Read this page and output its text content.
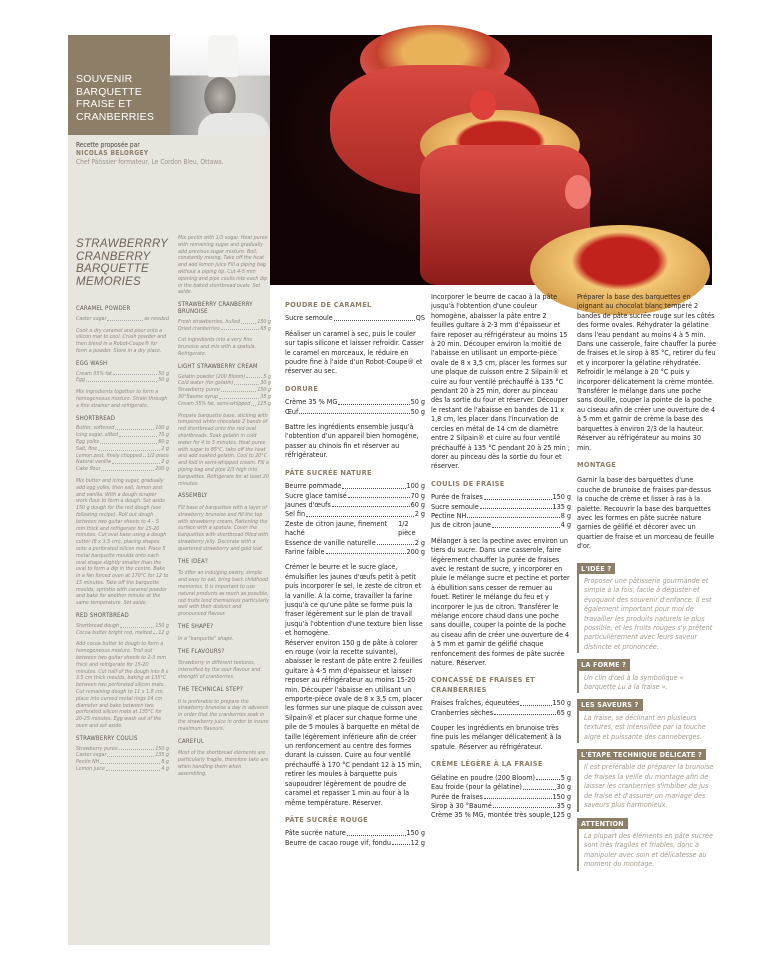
SOUVENIR
BARQUETTE
FRAISE ET
CRANBERRIES
Recette proposée par
NICOLAS BELORGEY
Chef Pâtissier formateur, Le Cordon Bleu, Ottawa.
STRAWBERRRY
CRANBERRY
BARQUETTE
MEMORIES
CARAMEL POWDER
Caster sugar	as needed

Cook a dry caramel and pour onto a silicon mat to cool. Crush powder and then blend in a Robot-Coupe® for form a powder. Store in a dry place.

EGG WASH
Cream 35% fat	50 g
Egg	50 g

Mix ingredients together to form a homogeneous mixture. Strain through a fine strainer and refrigerate.

SHORTBREAD
Butter, softened	100 g
Icing sugar, sifted	70 g
Egg yolks	60 g
Salt, fine	2 g
Lemon zest, finely chopped 1/2 piece
Natural vanilla	2 g
Cake flour	200 g

Mix butter and icing sugar, gradually add egg yolks, then salt, lemon zest and vanilla. With a dough scraper work flour to form a dough. Set aside 150 g dough for the red dough (see following recipe). Roll out dough between two guitar sheets to 4 – 5 mm thick and refrigerate for 15-20 minutes. Cut oval base using a dough cutter (8 x 3.5 cm), placing shapes onto a perforated silicon mat. Place 5 metal barquette moulds onto each oval shape slightly smaller than the oval to form a dip in the centre. Bake in a fan forced oven at 170°C for 12 to 15 minutes. Take off the barquette moulds, sprinkle with caramel powder and bake for another minute at the same temperature. Set aside.

RED SHORTBREAD
Shortbread dough	150 g
Cocoa butter bright red, melted 12 g

Add cocoa butter to dough to form a homogeneous mixture. Troll out between two guitar sheets to 2-3 mm thick and refrigerate for 15-20 minutes. Cut half of the dough into 8 x 3.5 cm thick moulds, baking at 135°C between two perforated silicon mats. Cut remaining dough to 11 x 1.8 cm, place into curved metal rings 14 cm diameter and bake between two perforated silicon mats at 135°C for 20-25 minutes. Egg wash out of the oven and set aside.

STRAWBERRY COULIS
Strawberry puree	150 g
Caster sugar	135 g
Pectin NH	8 g
Lemon juice	4 g

Mix pectin with 1/3 sugar. Heat puree with remaining sugar and gradually add previous sugar mixture. Boil, constantly mixing. Take off the heat and add lemon juice Fill a piping bag without a piping tip. Cut 4-5 mm opening and pipe coulis into each dip in the baked shortbread ovals. Set aside.

STRAWBERRY CRANBERRY BRUNOISE
Fresh strawberries, hulled	150 g
Dried cranberries	65 g

Cut ingredients into a very fine brunoise and mix with a spatula. Refrigerate.

LIGHT STRAWBERRY CREAM
Gelatin powder (200 Bloom)	5 g
Cold water (for gelatin)	30 g
Strawberry puree	150 g
30°Baume syrup	35 g
Cream 35% fat, semi-whipped 125 g

Prepare barquette base, sticking with tempered white chocolate 2 bands of red shortbread onto the red oval shortbreads. Soak gelatin in cold water for 4 to 5 minutes. Heat puree with sugar to 85°C, take off the heat and add soaked gelatin. Cool to 20°C and fold in semi-whipped cream. Fill a piping bag and pipe 2/3 high into barquettes. Refrigerate for at least 20 minutes.

ASSEMBLY

Fill base of barquettes with a layer of strawberry brunoise and fill the top with strawberry cream, flattening the surface with a spatula. Cover the barquettes with shortbread filled with strawberry jelly. Decorate with a quartered strawberry and gold leaf.

THE IDEA?

To offer an indulging pastry, simple and easy to eat, bring back childhood memories. It is important to use natural products as much as possible, red fruits lend themselves particularly well with their distinct and pronounced flavour.

THE SHAPE?

In a "barquette" shape.

THE FLAVOURS?

Strawberry in different textures, intensified by the sour flavour and strength of cranberries.

THE TECHNICAL STEP?

It is preferable to prepare the strawberry brunoise a day in advance in order that the cranberries soak in the strawberry juice in order to insure maximum flavours.

CAREFUL

Most of the shortbread elements are particularly fragile, therefore take are when handling them when assembling.

POUDRE DE CARAMEL
Sucre semoule	QS

Réaliser un caramel à sec, puis le couler sur tapis silicone et laisser refroidir. Casser le caramel en morceaux, le réduire en poudre fine à l'aide d'un Robot-Coupe® et réserver au sec.

DORURE
Crème 35 % MG	50 g
Œuf	50 g

Battre les ingrédients ensemble jusqu'à l'obtention d'un appareil bien homogène, passer au chinois fin et réserver au réfrigérateur.

PÂTE SUCRÉE NATURE
Beurre pommade	100 g
Sucre glace tamisé	70 g
Jaunes d'œufs	60 g
Sel fin	2 g
Zeste de citron jaune, finement haché
1/2 pièce
Essence de vanille naturelle	2 g
Farine faible	200 g

Crémer le beurre et le sucre glace, émulsifier les jaunes d'œufs petit à petit puis incorporer le sel, le zeste de citron et la vanille. À la corne, travailler la farine jusqu'à ce qu'une pâte se forme puis la fraser légèrement sur le plan de travail jusqu'à l'obtention d'une texture bien lisse et homogène.
Réserver environ 150 g de pâte à colorer en rouge (voir la recette suivante), abaisser le restant de pâte entre 2 feuilles guitare à 4-5 mm d'épaisseur et laisser reposer au réfrigérateur au moins 15-20 min. Découper l'abaisse en utilisant un emporte-pièce ovale de 8 x 3,5 cm, placer les formes sur une plaque de cuisson avec Silpain® et placer sur chaque forme une pile de 5 moules à barquette en métal de taille légèrement inférieure afin de créer un renfoncement au centre des formes durant la cuisson. Cuire au four ventilé préchauffé à 170 °C pendant 12 à 15 min, retirer les moules à barquette puis saupoudrer légèrement de poudre de caramel et repasser 1 min au four à la même température. Réserver.

PÂTE SUCRÉE ROUGE
Pâte sucrée nature	150 g
Beurre de cacao rouge vif, fondu	12 g

Incorporer le beurre de cacao à la pâte jusqu'à l'obtention d'une couleur homogène, abaisser la pâte entre 2 feuilles guitare à 2-3 mm d'épaisseur et faire reposer au réfrigérateur au moins 15 à 20 min. Découper environ la moitié de l'abaisse en utilisant un emporte-pièce ovale de 8 x 3,5 cm, placer les formes sur une plaque de cuisson entre 2 Silpain® et cuire au four ventilé préchauffé à 135 °C pendant 20 à 25 min, dorer au pinceau dès la sortie du four et réserver. Découper le restant de l'abaisse en bandes de 11 x 1,8 cm, les placer dans l'incurvation de cercles en métal de 14 cm de diamètre entre 2 Silpain® et cuire au four ventilé préchauffé à 135 °C pendant 20 à 25 min ; dorer au pinceau dès la sortie du four et réserver.

COULIS DE FRAISE
Purée de fraises	150 g
Sucre semoule	135 g
Pectine NH	8 g
Jus de citron jaune	4 g

Mélanger à sec la pectine avec environ un tiers du sucre. Dans une casserole, faire légèrement chauffer la purée de fraises avec le restant de sucre, y incorporer en pluie le mélange sucre et pectine et porter à ébullition sans cesser de remuer au fouet. Retirer le mélange du feu et y incorporer le jus de citron. Transférer le mélange encore chaud dans une poche sans douille, couper la pointe de la poche au ciseau afin de créer une ouverture de 4 à 5 mm et garnir de gélifié chaque renfoncement des formes de pâte sucrée nature. Réserver.

CONCASSÉ DE FRAISES ET CRANBERRIES
Fraises fraîches, équeutées	150 g
Cranberries sèches	65 g

Couper les ingrédients en brunoise très fine puis les mélanger délicatement à la spatule. Réserver au réfrigérateur.

CRÈME LÉGÈRE À LA FRAISE
Gélatine en poudre (200 Bloom)	5 g
Eau froide (pour la gélatine)	30 g
Purée de fraises	150 g
Sirop à 30 °Baumé	35 g
Crème 35 % MG, montée très souple 125 g

Préparer la base des barquettes en joignant au chocolat blanc tempéré 2 bandes de pâte sucrée rouge sur les côtés des forme ovales. Réhydrater la gélatine dans l'eau pendant au moins 4 à 5 min. Dans une casserole, faire chauffer la purée de fraises et le sirop à 85 °C, retirer du feu et y incorporer la gélatine réhydratée. Refroidir le mélange à 20 °C puis y incorporer délicatement la crème montée. Transférer le mélange dans une poche sans douille, couper la pointe de la poche au ciseau afin de créer une ouverture de 4 à 5 mm et garnir de crème la base des barquettes à environ 2/3 de la hauteur. Réserver au réfrigérateur au moins 30 min.

MONTAGE

Garnir la base des barquettes d'une couche de brunoise de fraises par-dessus la couche de crème et lisser à ras à la palette. Recouvrir la base des barquettes avec les formes en pâte sucrée nature garnies de gélifié et décorer avec un quartier de fraise et un morceau de feuille d'or.

L'IDÉE ?
Proposer une pâtisserie gourmande et simple à la fois, facile à déguster et évoquant des souvenir d'enfance. Il est également important pour moi de travailler les produits naturels le plus possible, et les fruits rouges s'y prêtent particulièrement avec leurs saveur distincte et prononcée.
LA FORME ?
Un clin d'œil à la symbolique « barquette Lu à la fraise ».
LES SAVEURS ?
La fraise, se déclinant en plusieurs textures, est intensifiée par la touche aigre et puissante des canneberges.
L'ÉTAPE TECHNIQUE DÉLICATE ?
Il est préférable de préparer la brunoise de fraises la veille du montage afin de laisser les cranberries s'imbiber de jus de fraise et d'assurer un mariage des saveurs plus harmonieux.
ATTENTION
La plupart des éléments en pâte sucrée sont très fragiles et friables, donc à manipuler avec soin et délicatesse au moment du montage.
